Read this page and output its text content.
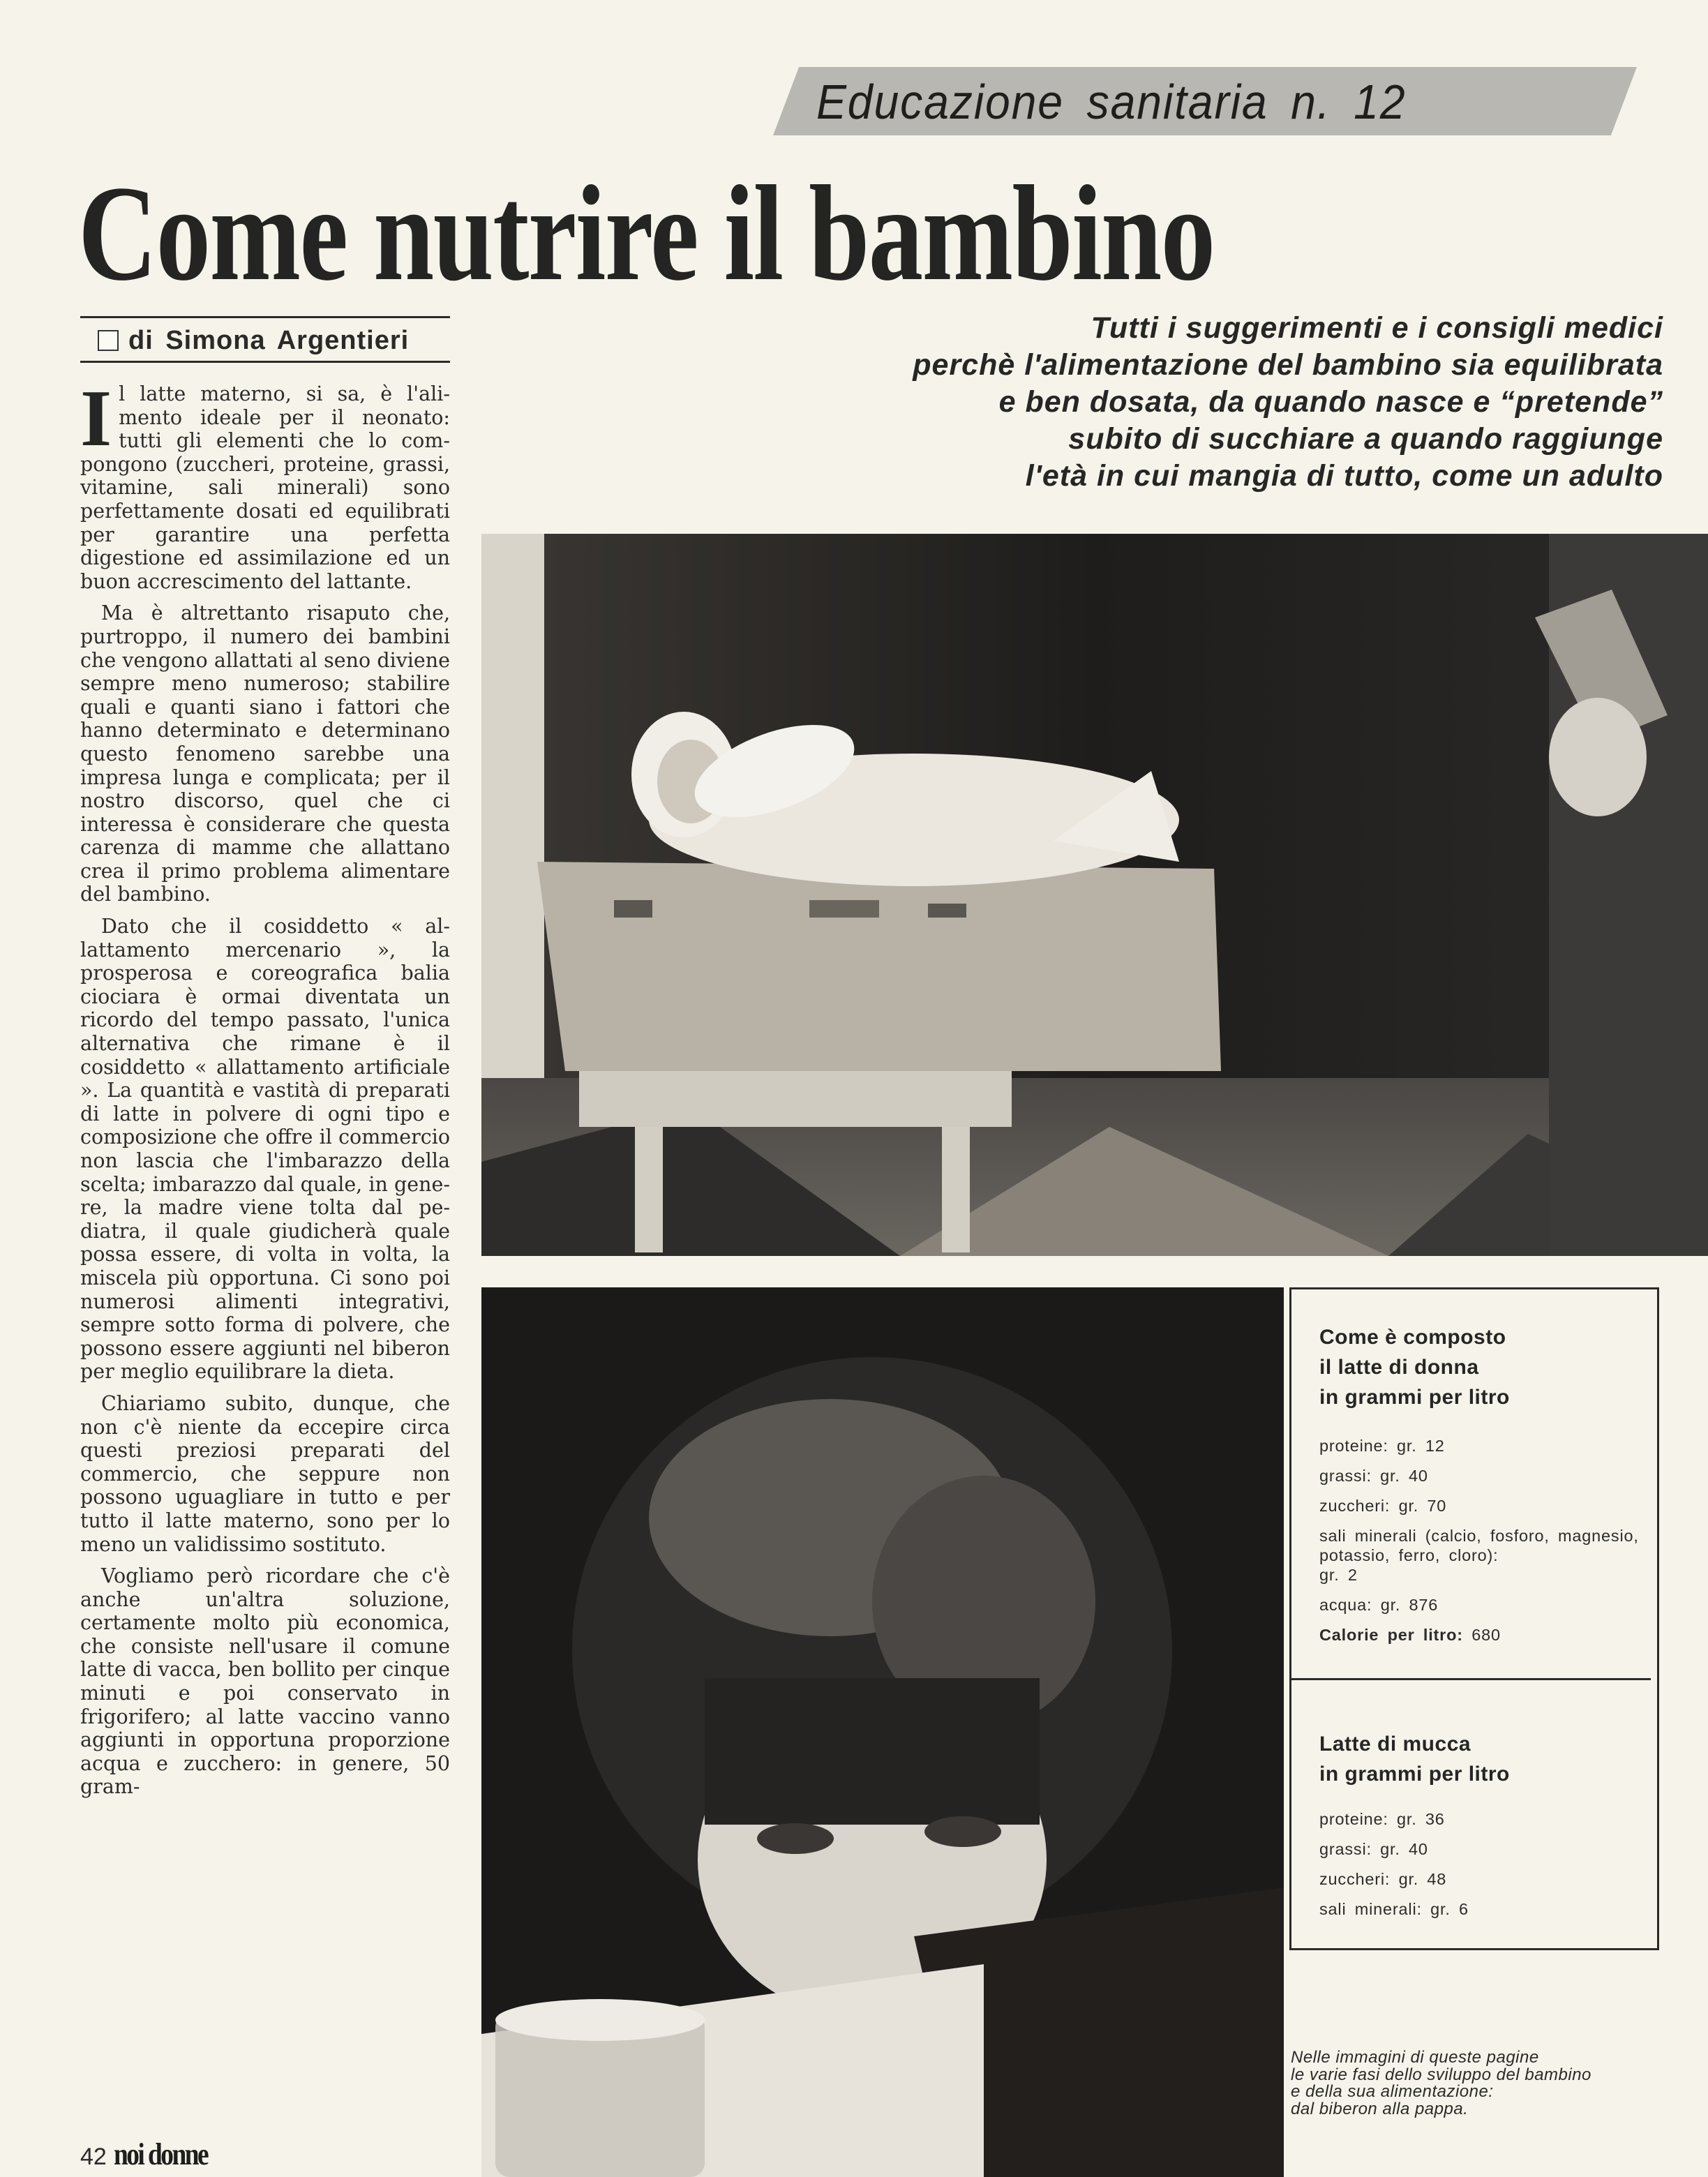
Educazione sanitaria n. 12
Come nutrire il bambino
di Simona Argentieri	Tutti i suggerimenti e i consigli medici
perchè l'alimentazione del bambino sia equilibrata
e ben dosata, da quando nasce e “pretende”
subito di succhiare a quando raggiunge
l'età in cui mangia di tutto, come un adulto

Il latte materno, si sa, è l'alimento ideale per il neonato: tutti gli elementi che lo compongono (zuccheri, proteine, grassi, vitamine, sali minerali) sono perfettamente dosati ed equilibrati per garantire una perfetta digestione ed assimilazione ed un buon accrescimento del lattante.

Ma è altrettanto risaputo che, purtroppo, il numero dei bambini che vengono allattati al seno diviene sempre meno numeroso; stabilire quali e quanti siano i fattori che hanno determinato e determinano questo fenomeno sarebbe una impresa lunga e complicata; per il nostro discorso, quel che ci interessa è considerare che questa carenza di mamme che allattano crea il primo problema alimentare del bambino.

Dato che il cosiddetto « allattamento mercenario », la prosperosa e coreografica balia ciociara è ormai diventata un ricordo del tempo passato, l'unica alternativa che rimane è il cosiddetto « allattamento artificiale ». La quantità e vastità di preparati di latte in polvere di ogni tipo e composizione che offre il commercio non lascia che l'imbarazzo della scelta; imbarazzo dal quale, in genere, la madre viene tolta dal pediatra, il quale giudicherà quale possa essere, di volta in volta, la miscela più opportuna. Ci sono poi numerosi alimenti integrativi, sempre sotto forma di polvere, che possono essere aggiunti nel biberon per meglio equilibrare la dieta.

Chiariamo subito, dunque, che non c'è niente da eccepire circa questi preziosi preparati del commercio, che seppure non possono uguagliare in tutto e per tutto il latte materno, sono per lo meno un validissimo sostituto.

Vogliamo però ricordare che c'è anche un'altra soluzione, certamente molto più economica, che consiste nell'usare il comune latte di vacca, ben bollito per cinque minuti e poi conservato in frigorifero; al latte vaccino vanno aggiunti in opportuna proporzione acqua e zucchero: in genere, 50 gram-

Come è composto
il latte di donna
in grammi per litro
proteine: gr. 12
grassi: gr. 40
zuccheri: gr. 70
sali minerali (calcio, fosforo, magnesio, potassio, ferro, cloro):
gr. 2
acqua: gr. 876
Calorie per litro: 680
Latte di mucca
in grammi per litro
proteine: gr. 36
grassi: gr. 40
zuccheri: gr. 48
sali minerali: gr. 6
Nelle immagini di queste pagine
le varie fasi dello sviluppo del bambino
e della sua alimentazione:
dal biberon alla pappa.
42 noi donne
